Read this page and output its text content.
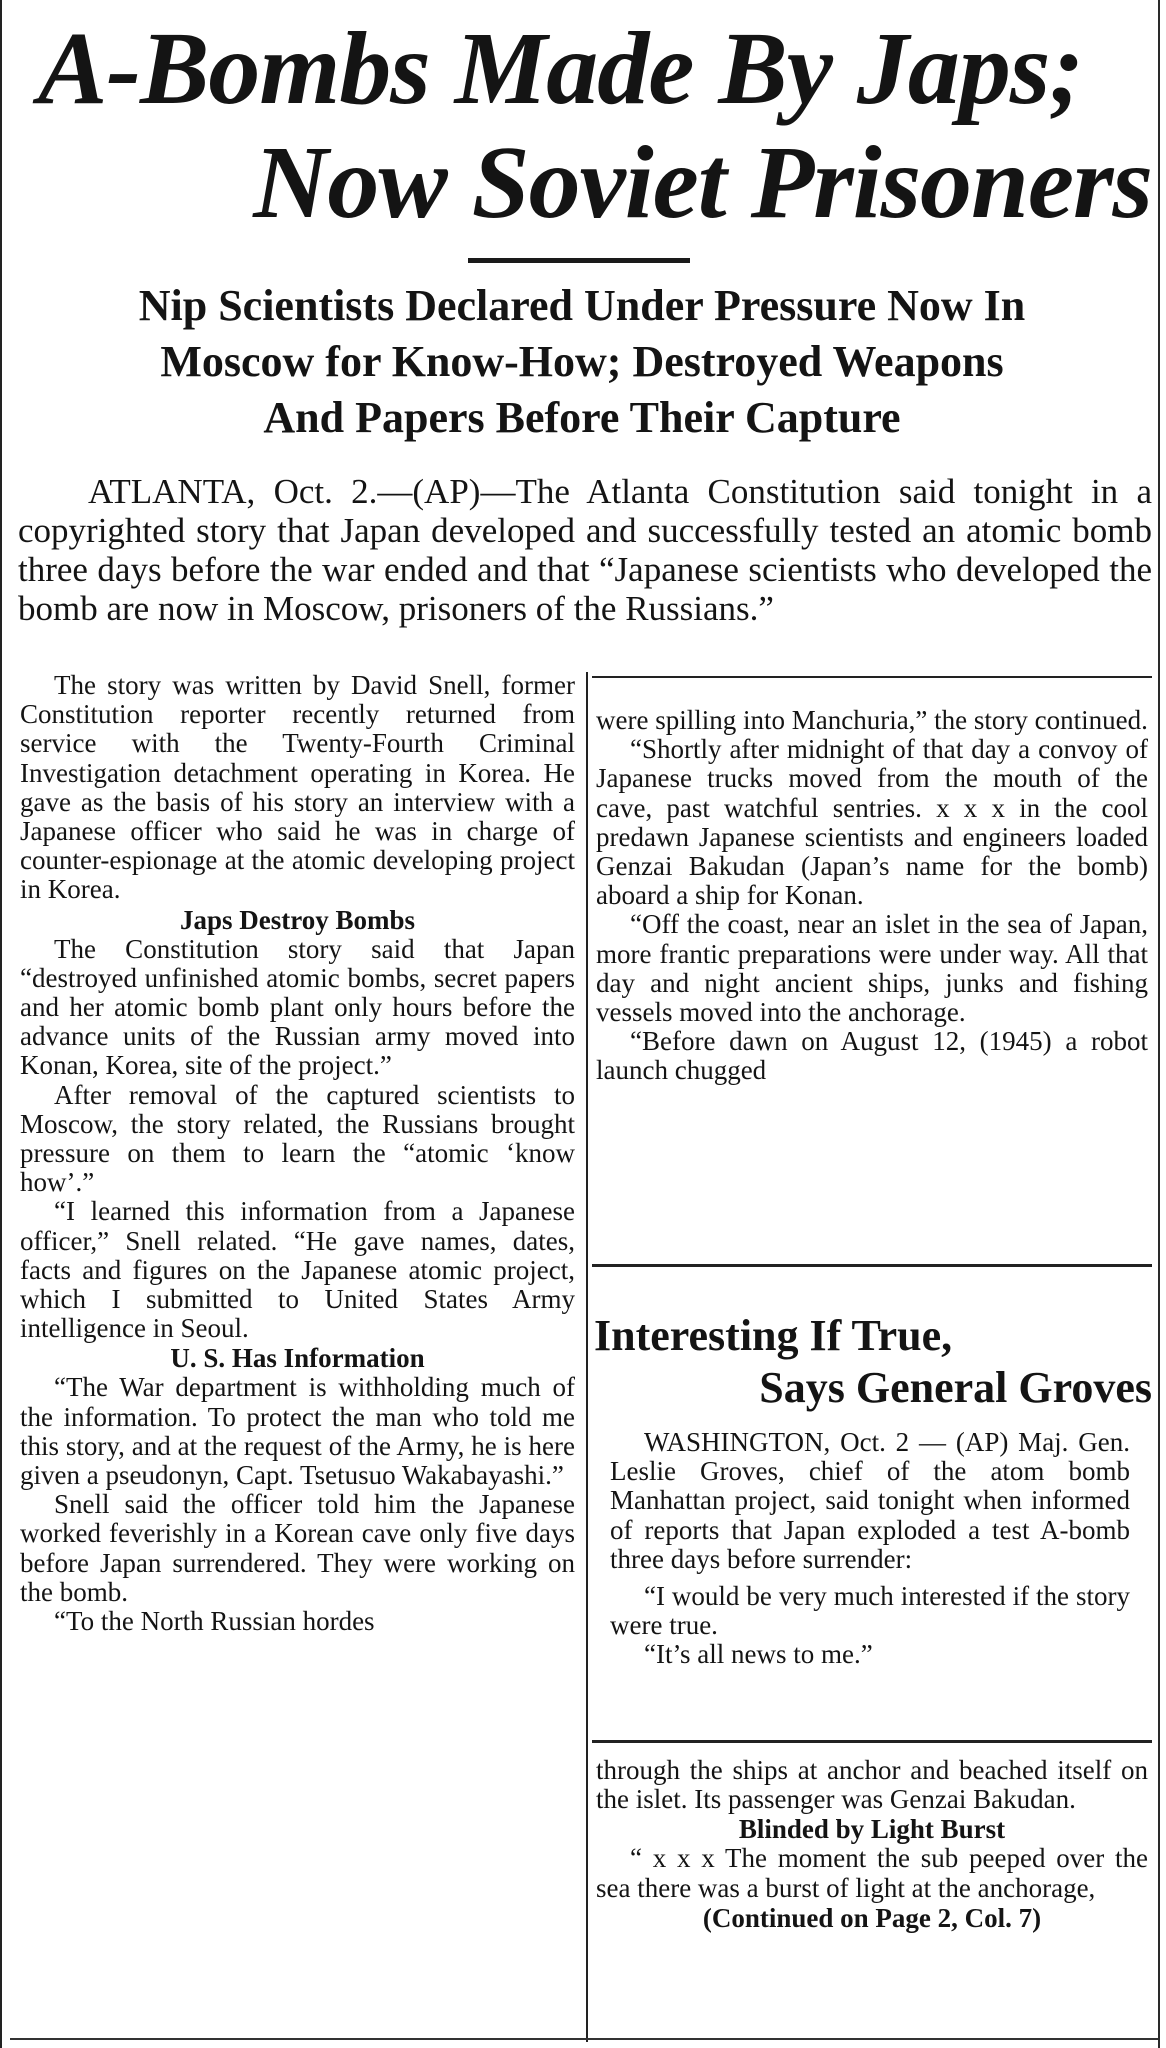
A-Bombs Made By Japs;
Now Soviet Prisoners
Nip Scientists Declared Under Pressure Now In
Moscow for Know-How; Destroyed Weapons
And Papers Before Their Capture

ATLANTA, Oct. 2.—(AP)—The Atlanta Constitution said tonight in a copyrighted story that Japan developed and successfully tested an atomic bomb three days before the war ended and that “Japanese scientists who developed the bomb are now in Moscow, prisoners of the Russians.”

The story was written by David Snell, former Constitution reporter recently returned from service with the Twenty-Fourth Criminal Investigation detachment operating in Korea. He gave as the basis of his story an interview with a Japanese officer who said he was in charge of counter-espionage at the atomic developing project in Korea.

Japs Destroy Bombs

The Constitution story said that Japan “destroyed unfinished atomic bombs, secret papers and her atomic bomb plant only hours before the advance units of the Russian army moved into Konan, Korea, site of the project.”

After removal of the captured scientists to Moscow, the story related, the Russians brought pressure on them to learn the “atomic ‘know how’.”

“I learned this information from a Japanese officer,” Snell related. “He gave names, dates, facts and figures on the Japanese atomic project, which I submitted to United States Army intelligence in Seoul.

U. S. Has Information

“The War department is withholding much of the information. To protect the man who told me this story, and at the request of the Army, he is here given a pseudonyn, Capt. Tsetusuo Wakabayashi.”

Snell said the officer told him the Japanese worked feverishly in a Korean cave only five days before Japan surrendered. They were working on the bomb.

“To the North Russian hordes

were spilling into Manchuria,” the story continued.

“Shortly after midnight of that day a convoy of Japanese trucks moved from the mouth of the cave, past watchful sentries. x x x in the cool predawn Japanese scientists and engineers loaded Genzai Bakudan (Japan’s name for the bomb) aboard a ship for Konan.

“Off the coast, near an islet in the sea of Japan, more frantic preparations were under way. All that day and night ancient ships, junks and fishing vessels moved into the anchorage.

“Before dawn on August 12, (1945) a robot launch chugged

Interesting If True,
Says General Groves

WASHINGTON, Oct. 2 — (AP) Maj. Gen. Leslie Groves, chief of the atom bomb Manhattan project, said tonight when informed of reports that Japan exploded a test A-bomb three days before surrender:

“I would be very much interested if the story were true.

“It’s all news to me.”

through the ships at anchor and beached itself on the islet. Its passenger was Genzai Bakudan.

Blinded by Light Burst

“ x x x The moment the sub peeped over the sea there was a burst of light at the anchorage,

(Continued on Page 2, Col. 7)
